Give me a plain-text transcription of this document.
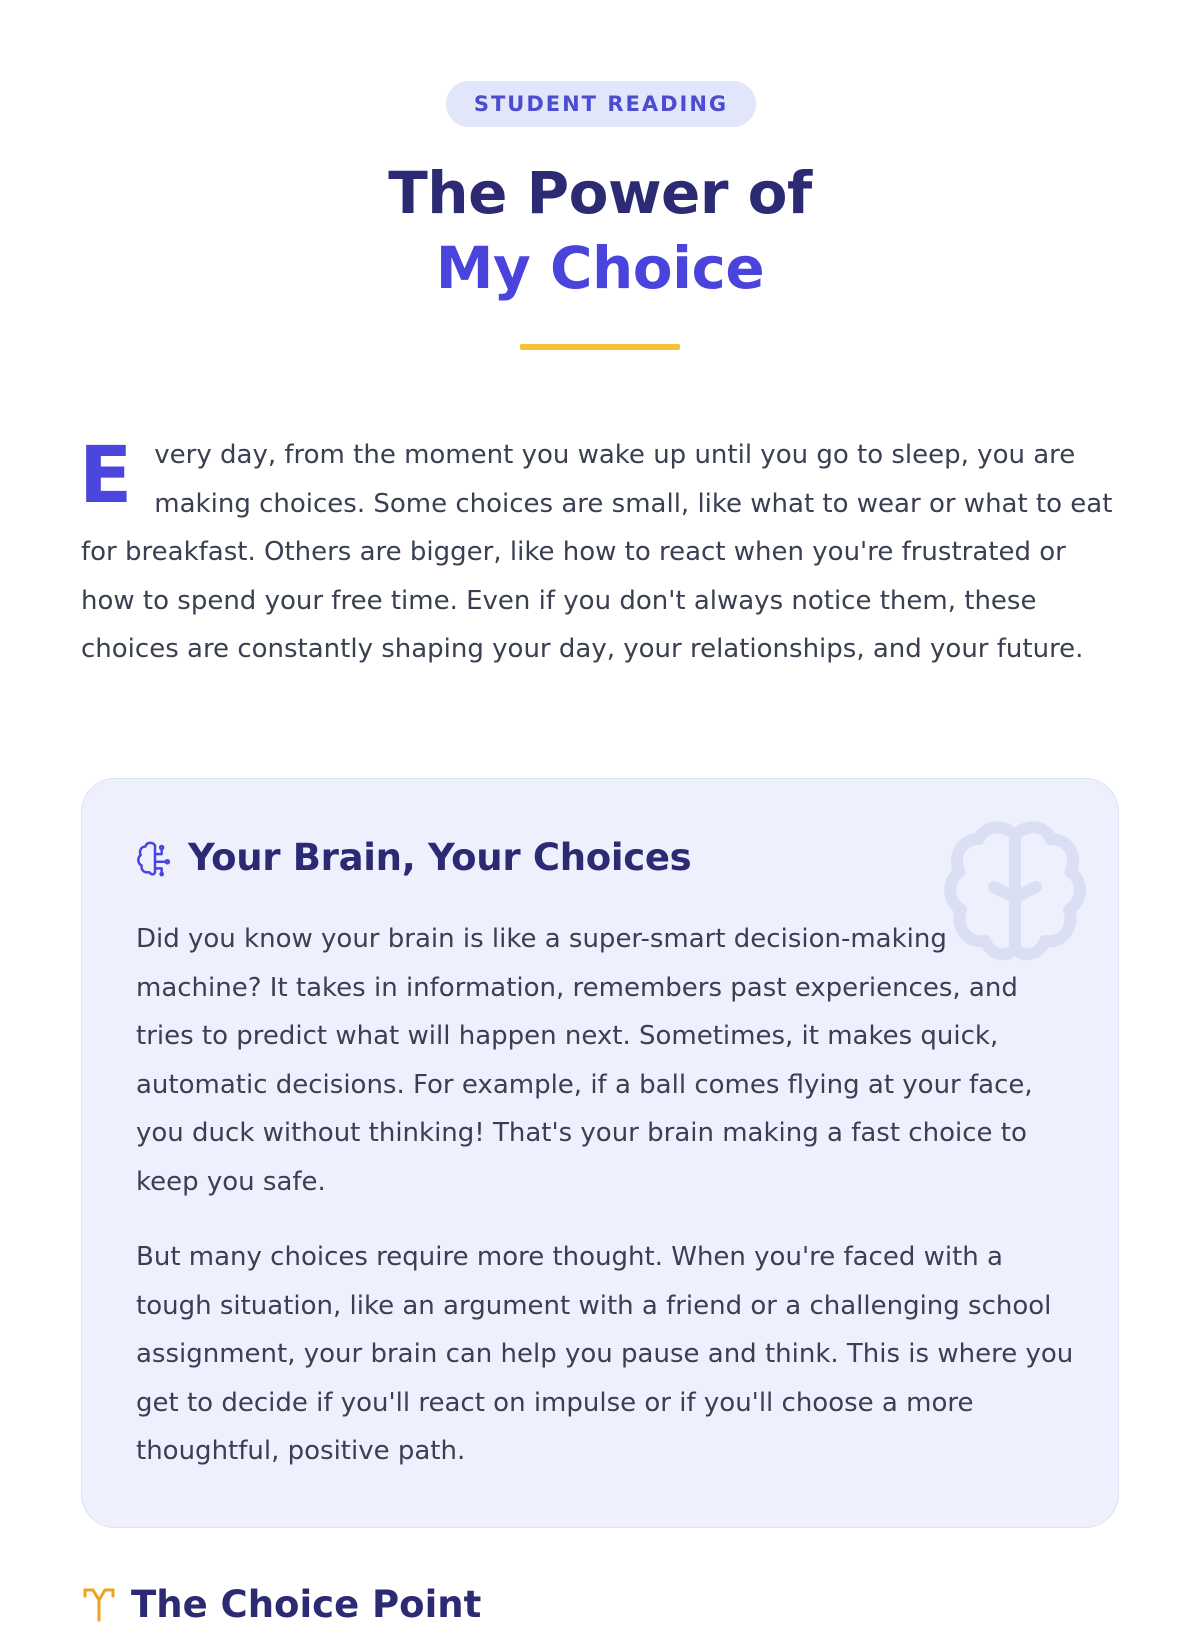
STUDENT READING
The Power of
My Choice

E very day, from the moment you wake up until you go to sleep, you are making choices. Some choices are small, like what to wear or what to eat for breakfast. Others are bigger, like how to react when you're frustrated or how to spend your free time. Even if you don't always notice them, these choices are constantly shaping your day, your relationships, and your future.

Your Brain, Your Choices

Did you know your brain is like a super-smart decision-making machine? It takes in information, remembers past experiences, and tries to predict what will happen next. Sometimes, it makes quick, automatic decisions. For example, if a ball comes flying at your face, you duck without thinking! That's your brain making a fast choice to keep you safe.

But many choices require more thought. When you're faced with a tough situation, like an argument with a friend or a challenging school assignment, your brain can help you pause and think. This is where you get to decide if you'll react on impulse or if you'll choose a more thoughtful, positive path.

The Choice Point
